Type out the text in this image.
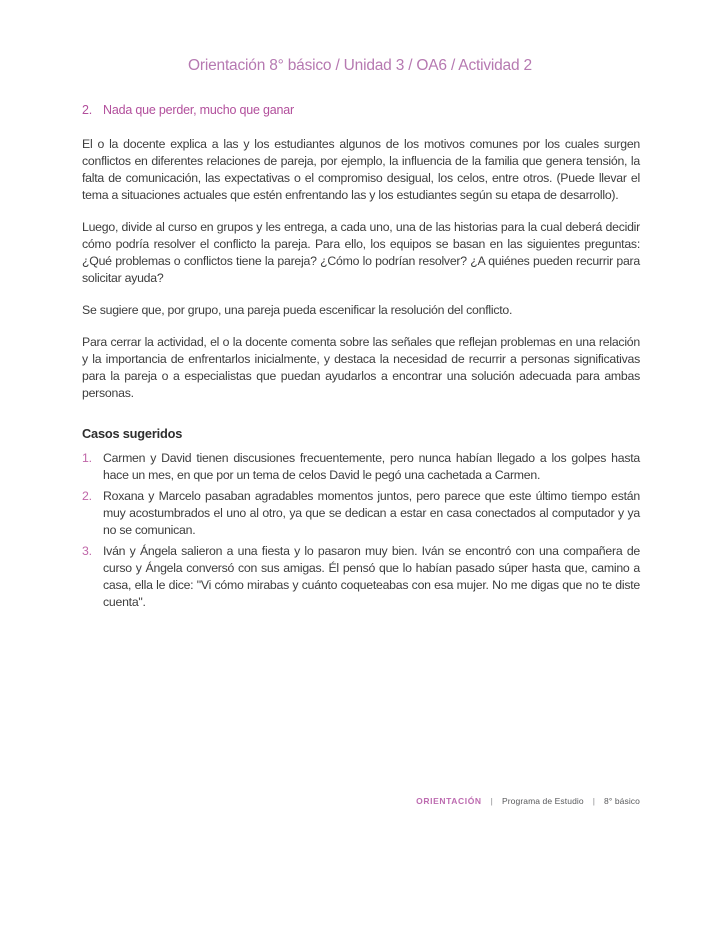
Orientación 8° básico / Unidad 3 / OA6 / Actividad 2
2. Nada que perder, mucho que ganar

El o la docente explica a las y los estudiantes algunos de los motivos comunes por los cuales surgen conflictos en diferentes relaciones de pareja, por ejemplo, la influencia de la familia que genera tensión, la falta de comunicación, las expectativas o el compromiso desigual, los celos, entre otros. (Puede llevar el tema a situaciones actuales que estén enfrentando las y los estudiantes según su etapa de desarrollo).

Luego, divide al curso en grupos y les entrega, a cada uno, una de las historias para la cual deberá decidir cómo podría resolver el conflicto la pareja. Para ello, los equipos se basan en las siguientes preguntas: ¿Qué problemas o conflictos tiene la pareja? ¿Cómo lo podrían resolver? ¿A quiénes pueden recurrir para solicitar ayuda?

Se sugiere que, por grupo, una pareja pueda escenificar la resolución del conflicto.

Para cerrar la actividad, el o la docente comenta sobre las señales que reflejan problemas en una relación y la importancia de enfrentarlos inicialmente, y destaca la necesidad de recurrir a personas significativas para la pareja o a especialistas que puedan ayudarlos a encontrar una solución adecuada para ambas personas.

Casos sugeridos
1. Carmen y David tienen discusiones frecuentemente, pero nunca habían llegado a los golpes hasta hace un mes, en que por un tema de celos David le pegó una cachetada a Carmen.
2. Roxana y Marcelo pasaban agradables momentos juntos, pero parece que este último tiempo están muy acostumbrados el uno al otro, ya que se dedican a estar en casa conectados al computador y ya no se comunican.
3. Iván y Ángela salieron a una fiesta y lo pasaron muy bien. Iván se encontró con una compañera de curso y Ángela conversó con sus amigas. Él pensó que lo habían pasado súper hasta que, camino a casa, ella le dice: "Vi cómo mirabas y cuánto coqueteabas con esa mujer. No me digas que no te diste cuenta".
ORIENTACIÓN | Programa de Estudio | 8° básico
